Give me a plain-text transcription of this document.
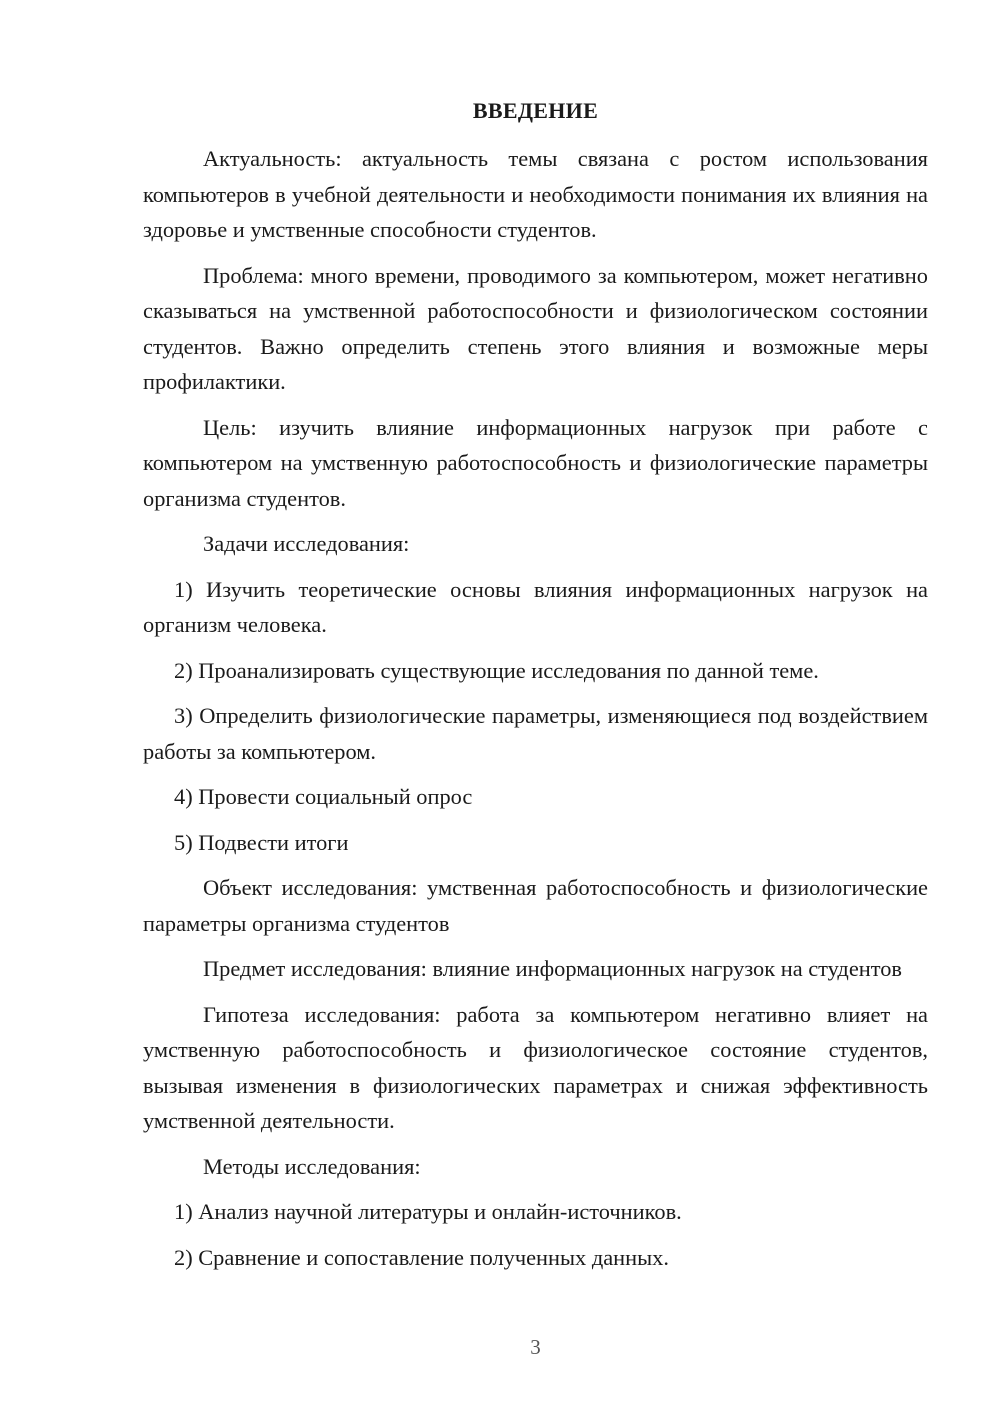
ВВЕДЕНИЕ

Актуальность: актуальность темы связана с ростом использования компьютеров в учебной деятельности и необходимости понимания их влияния на здоровье и умственные способности студентов.

Проблема: много времени, проводимого за компьютером, может негативно сказываться на умственной работоспособности и физиологическом состоянии студентов. Важно определить степень этого влияния и возможные меры профилактики.

Цель: изучить влияние информационных нагрузок при работе с компьютером на умственную работоспособность и физиологические параметры организма студентов.

Задачи исследования:

1) Изучить теоретические основы влияния информационных нагрузок на организм человека.

2) Проанализировать существующие исследования по данной теме.

3) Определить физиологические параметры, изменяющиеся под воздействием работы за компьютером.

4) Провести социальный опрос

5) Подвести итоги

Объект исследования: умственная работоспособность и физиологические параметры организма студентов

Предмет исследования: влияние информационных нагрузок на студентов

Гипотеза исследования: работа за компьютером негативно влияет на умственную работоспособность и физиологическое состояние студентов, вызывая изменения в физиологических параметрах и снижая эффективность умственной деятельности.

Методы исследования:

1) Анализ научной литературы и онлайн-источников.

2) Сравнение и сопоставление полученных данных.

3
